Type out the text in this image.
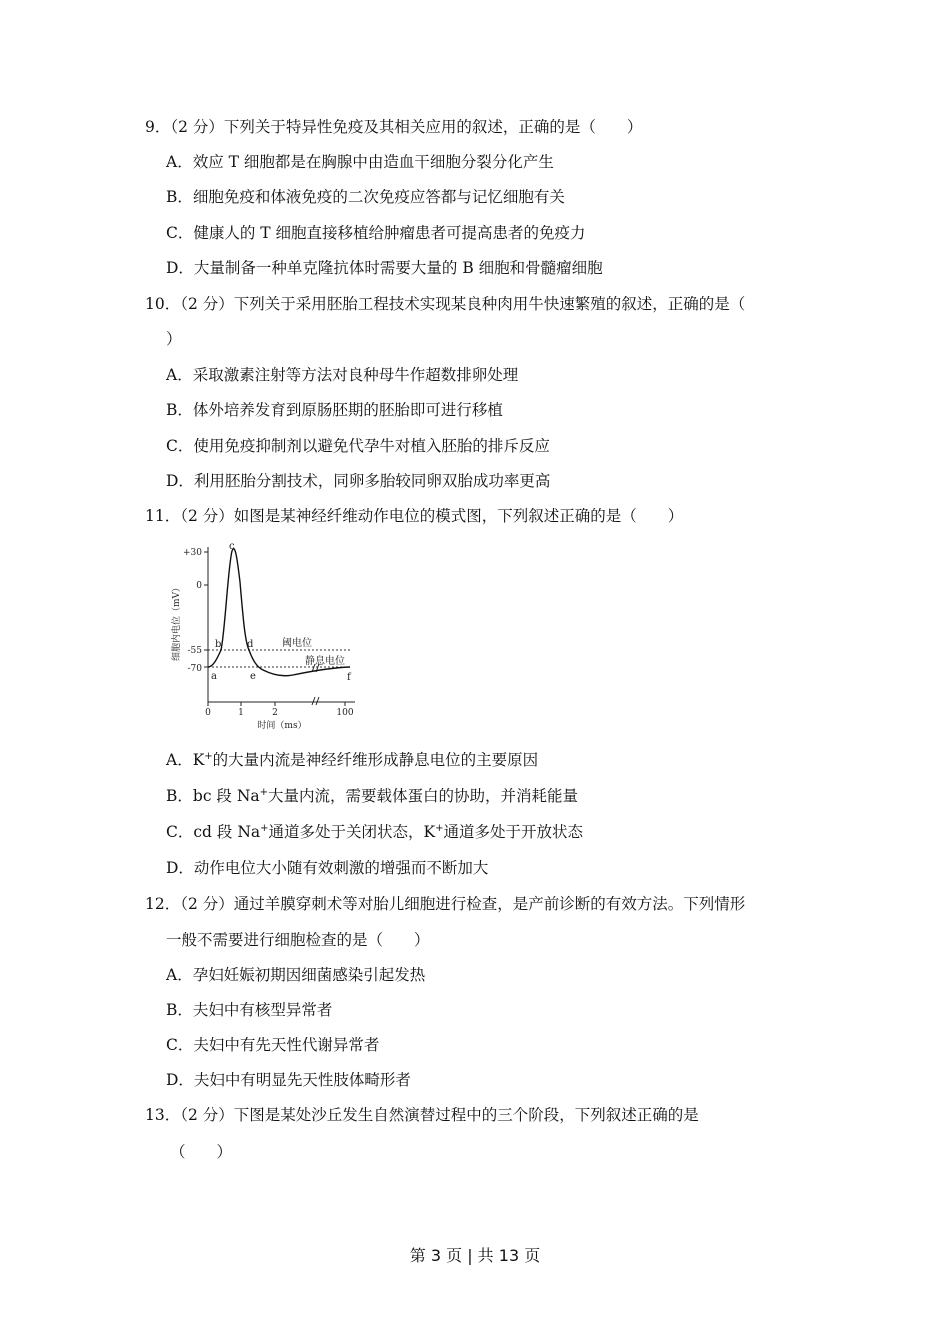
9．（2 分）下列关于特异性免疫及其相关应用的叙述，正确的是（　　）
A．效应 T 细胞都是在胸腺中由造血干细胞分裂分化产生
B．细胞免疫和体液免疫的二次免疫应答都与记忆细胞有关
C．健康人的 T 细胞直接移植给肿瘤患者可提高患者的免疫力
D．大量制备一种单克隆抗体时需要大量的 B 细胞和骨髓瘤细胞
10．（2 分）下列关于采用胚胎工程技术实现某良种肉用牛快速繁殖的叙述，正确的是（
）
A．采取激素注射等方法对良种母牛作超数排卵处理
B．体外培养发育到原肠胚期的胚胎即可进行移植
C．使用免疫抑制剂以避免代孕牛对植入胚胎的排斥反应
D．利用胚胎分割技术，同卵多胎较同卵双胎成功率更高
11．（2 分）如图是某神经纤维动作电位的模式图，下列叙述正确的是（　　）
+30
0
-55
-70
0	1	2	100
时间（ms）
细胞内电位（mV）	阈电位
静息电位
a
b
c
d
e	f
A．K+的大量内流是神经纤维形成静息电位的主要原因
B．bc 段 Na+大量内流，需要载体蛋白的协助，并消耗能量
C．cd 段 Na+通道多处于关闭状态，K+通道多处于开放状态
D．动作电位大小随有效刺激的增强而不断加大
12．（2 分）通过羊膜穿刺术等对胎儿细胞进行检查，是产前诊断的有效方法。下列情形
一般不需要进行细胞检查的是（　　）
A．孕妇妊娠初期因细菌感染引起发热
B．夫妇中有核型异常者
C．夫妇中有先天性代谢异常者
D．夫妇中有明显先天性肢体畸形者
13．（2 分）下图是某处沙丘发生自然演替过程中的三个阶段，下列叙述正确的是
（　　）
第 3 页 | 共 13 页
